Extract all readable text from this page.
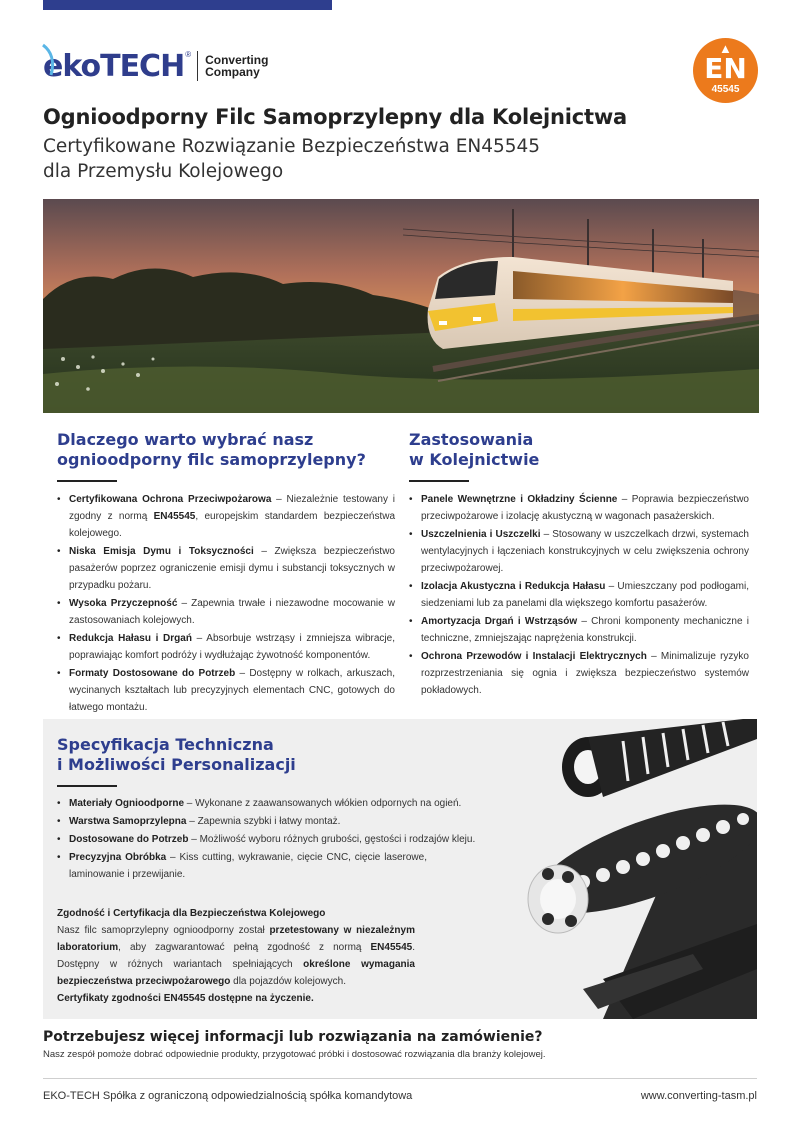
ekoTECH ® Converting
Company
▲
EN
45545
Ognioodporny Filc Samoprzylepny dla Kolejnictwa
Certyfikowane Rozwiązanie Bezpieczeństwa EN45545
dla Przemysłu Kolejowego
Dlaczego warto wybrać nasz
ognioodporny filc samoprzylepny?
• Certyfikowana Ochrona Przeciwpożarowa – Niezależnie testowany i zgodny z normą EN45545, europejskim standardem bezpieczeństwa kolejowego.
• Niska Emisja Dymu i Toksyczności – Zwiększa bezpieczeństwo pasażerów poprzez ograniczenie emisji dymu i substancji toksycznych w przypadku pożaru.
• Wysoka Przyczepność – Zapewnia trwałe i niezawodne mocowanie w zastosowaniach kolejowych.
• Redukcja Hałasu i Drgań – Absorbuje wstrząsy i zmniejsza wibracje, poprawiając komfort podróży i wydłużając żywotność komponentów.
• Formaty Dostosowane do Potrzeb – Dostępny w rolkach, arkuszach, wycinanych kształtach lub precyzyjnych elementach CNC, gotowych do łatwego montażu.
Zastosowania
w Kolejnictwie
• Panele Wewnętrzne i Okładziny Ścienne – Poprawia bezpieczeństwo przeciwpożarowe i izolację akustyczną w wagonach pasażerskich.
• Uszczelnienia i Uszczelki – Stosowany w uszczelkach drzwi, systemach wentylacyjnych i łączeniach konstrukcyjnych w celu zwiększenia ochrony przeciwpożarowej.
• Izolacja Akustyczna i Redukcja Hałasu – Umieszczany pod podłogami, siedzeniami lub za panelami dla większego komfortu pasażerów.
• Amortyzacja Drgań i Wstrząsów – Chroni komponenty mechaniczne i techniczne, zmniejszając naprężenia konstrukcji.
• Ochrona Przewodów i Instalacji Elektrycznych – Minimalizuje ryzyko rozprzestrzeniania się ognia i zwiększa bezpieczeństwo systemów pokładowych.
Specyfikacja Techniczna
i Możliwości Personalizacji
• Materiały Ognioodporne – Wykonane z zaawansowanych włókien odpornych na ogień.
• Warstwa Samoprzylepna – Zapewnia szybki i łatwy montaż.
• Dostosowane do Potrzeb – Możliwość wyboru różnych grubości, gęstości i rodzajów kleju.
• Precyzyjna Obróbka – Kiss cutting, wykrawanie, cięcie CNC, cięcie laserowe, laminowanie i przewijanie.
Zgodność i Certyfikacja dla Bezpieczeństwa Kolejowego
Nasz filc samoprzylepny ognioodporny został przetestowany w niezależnym laboratorium, aby zagwarantować pełną zgodność z normą EN45545. Dostępny w różnych wariantach spełniających określone wymagania bezpieczeństwa przeciwpożarowego dla pojazdów kolejowych.
Certyfikaty zgodności EN45545 dostępne na życzenie.
Potrzebujesz więcej informacji lub rozwiązania na zamówienie?
Nasz zespół pomoże dobrać odpowiednie produkty, przygotować próbki i dostosować rozwiązania dla branży kolejowej.
EKO-TECH Spółka z ograniczoną odpowiedzialnością spółka komandytowa	www.converting-tasm.pl
